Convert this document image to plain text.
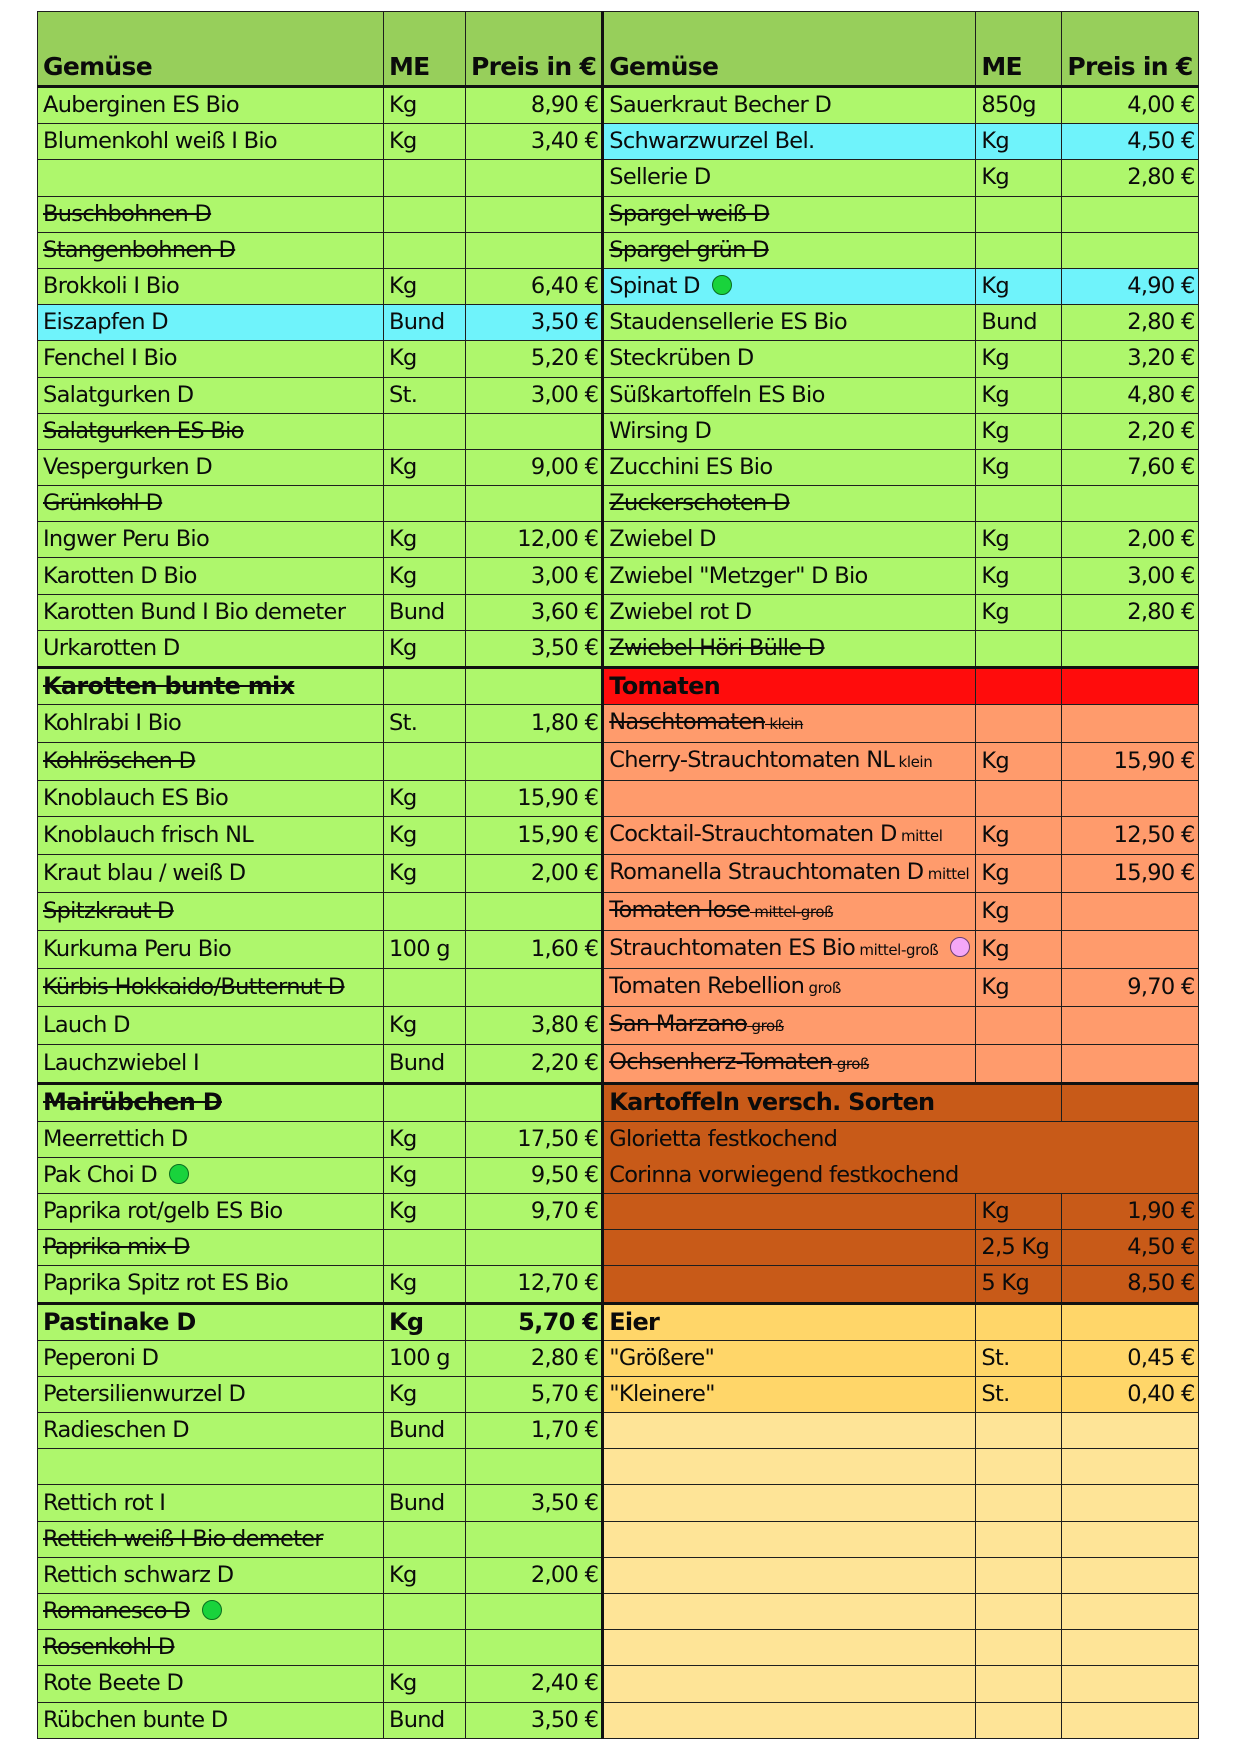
Gemüse	ME	Preis in €	Gemüse	ME	Preis in €
Auberginen ES Bio	Kg	8,90 €	Sauerkraut Becher D	850g	4,00 €
Blumenkohl weiß I Bio	Kg	3,40 €	Schwarzwurzel Bel.	Kg	4,50 €
			Sellerie D	Kg	2,80 €
Buschbohnen D			Spargel weiß D		
Stangenbohnen D			Spargel grün D		
Brokkoli I Bio	Kg	6,40 €	Spinat D	Kg	4,90 €
Eiszapfen D	Bund	3,50 €	Staudensellerie ES Bio	Bund	2,80 €
Fenchel I Bio	Kg	5,20 €	Steckrüben D	Kg	3,20 €
Salatgurken D	St.	3,00 €	Süßkartoffeln ES Bio	Kg	4,80 €
Salatgurken ES Bio			Wirsing D	Kg	2,20 €
Vespergurken D	Kg	9,00 €	Zucchini ES Bio	Kg	7,60 €
Grünkohl D			Zuckerschoten D		
Ingwer Peru Bio	Kg	12,00 €	Zwiebel D	Kg	2,00 €
Karotten D Bio	Kg	3,00 €	Zwiebel "Metzger" D Bio	Kg	3,00 €
Karotten Bund I Bio demeter	Bund	3,60 €	Zwiebel rot D	Kg	2,80 €
Urkarotten D	Kg	3,50 €	Zwiebel Höri Bülle D		
Karotten bunte mix			Tomaten		
Kohlrabi I Bio	St.	1,80 €	Naschtomaten klein		
Kohlröschen D			Cherry-Strauchtomaten NL klein	Kg	15,90 €
Knoblauch ES Bio	Kg	15,90 €			
Knoblauch frisch NL	Kg	15,90 €	Cocktail-Strauchtomaten D mittel	Kg	12,50 €
Kraut blau / weiß D	Kg	2,00 €	Romanella Strauchtomaten D mittel	Kg	15,90 €
Spitzkraut D			Tomaten lose mittel-groß	Kg	
Kurkuma Peru Bio	100 g	1,60 €	Strauchtomaten ES Bio mittel-groß	Kg	
Kürbis Hokkaido/Butternut D			Tomaten Rebellion groß	Kg	9,70 €
Lauch D	Kg	3,80 €	San Marzano groß		
Lauchzwiebel I	Bund	2,20 €	Ochsenherz-Tomaten groß		
Mairübchen D			Kartoffeln versch. Sorten		
Meerrettich D	Kg	17,50 €	Glorietta festkochend		
Pak Choi D	Kg	9,50 €	Corinna vorwiegend festkochend		
Paprika rot/gelb ES Bio	Kg	9,70 €		Kg	1,90 €
Paprika mix D				2,5 Kg	4,50 €
Paprika Spitz rot ES Bio	Kg	12,70 €		5 Kg	8,50 €
Pastinake D	Kg	5,70 €	Eier		
Peperoni D	100 g	2,80 €	"Größere"	St.	0,45 €
Petersilienwurzel D	Kg	5,70 €	"Kleinere"	St.	0,40 €
Radieschen D	Bund	1,70 €			

Rettich rot I	Bund	3,50 €			
Rettich weiß I Bio demeter					
Rettich schwarz D	Kg	2,00 €			
Romanesco D					
Rosenkohl D					
Rote Beete D	Kg	2,40 €			
Rübchen bunte D	Bund	3,50 €			
